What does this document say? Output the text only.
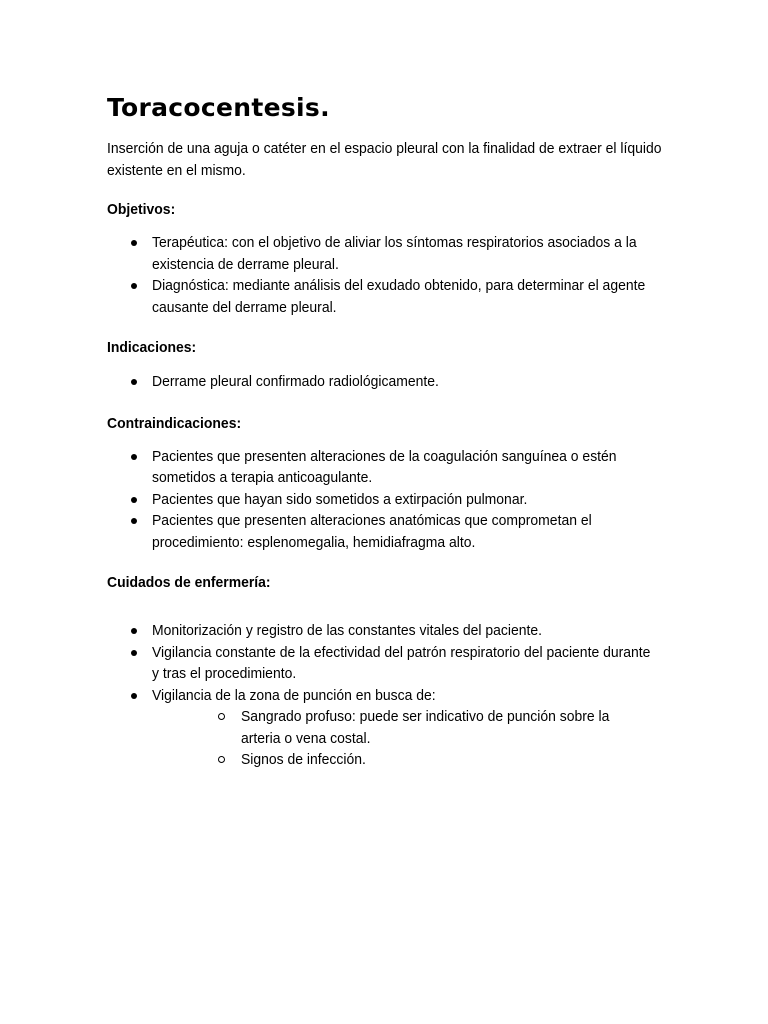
Toracocentesis.

Inserción de una aguja o catéter en el espacio pleural con la finalidad de extraer el líquido existente en el mismo.

Objetivos:

Terapéutica: con el objetivo de aliviar los síntomas respiratorios asociados a la existencia de derrame pleural.
Diagnóstica: mediante análisis del exudado obtenido, para determinar el agente causante del derrame pleural.

Indicaciones:

Derrame pleural confirmado radiológicamente.

Contraindicaciones:

Pacientes que presenten alteraciones de la coagulación sanguínea o estén sometidos a terapia anticoagulante.
Pacientes que hayan sido sometidos a extirpación pulmonar.
Pacientes que presenten alteraciones anatómicas que comprometan el procedimiento: esplenomegalia, hemidiafragma alto.

Cuidados de enfermería:

Monitorización y registro de las constantes vitales del paciente.
Vigilancia constante de la efectividad del patrón respiratorio del paciente durante y tras el procedimiento.
Vigilancia de la zona de punción en busca de:
Sangrado profuso: puede ser indicativo de punción sobre la arteria o vena costal.
Signos de infección.
